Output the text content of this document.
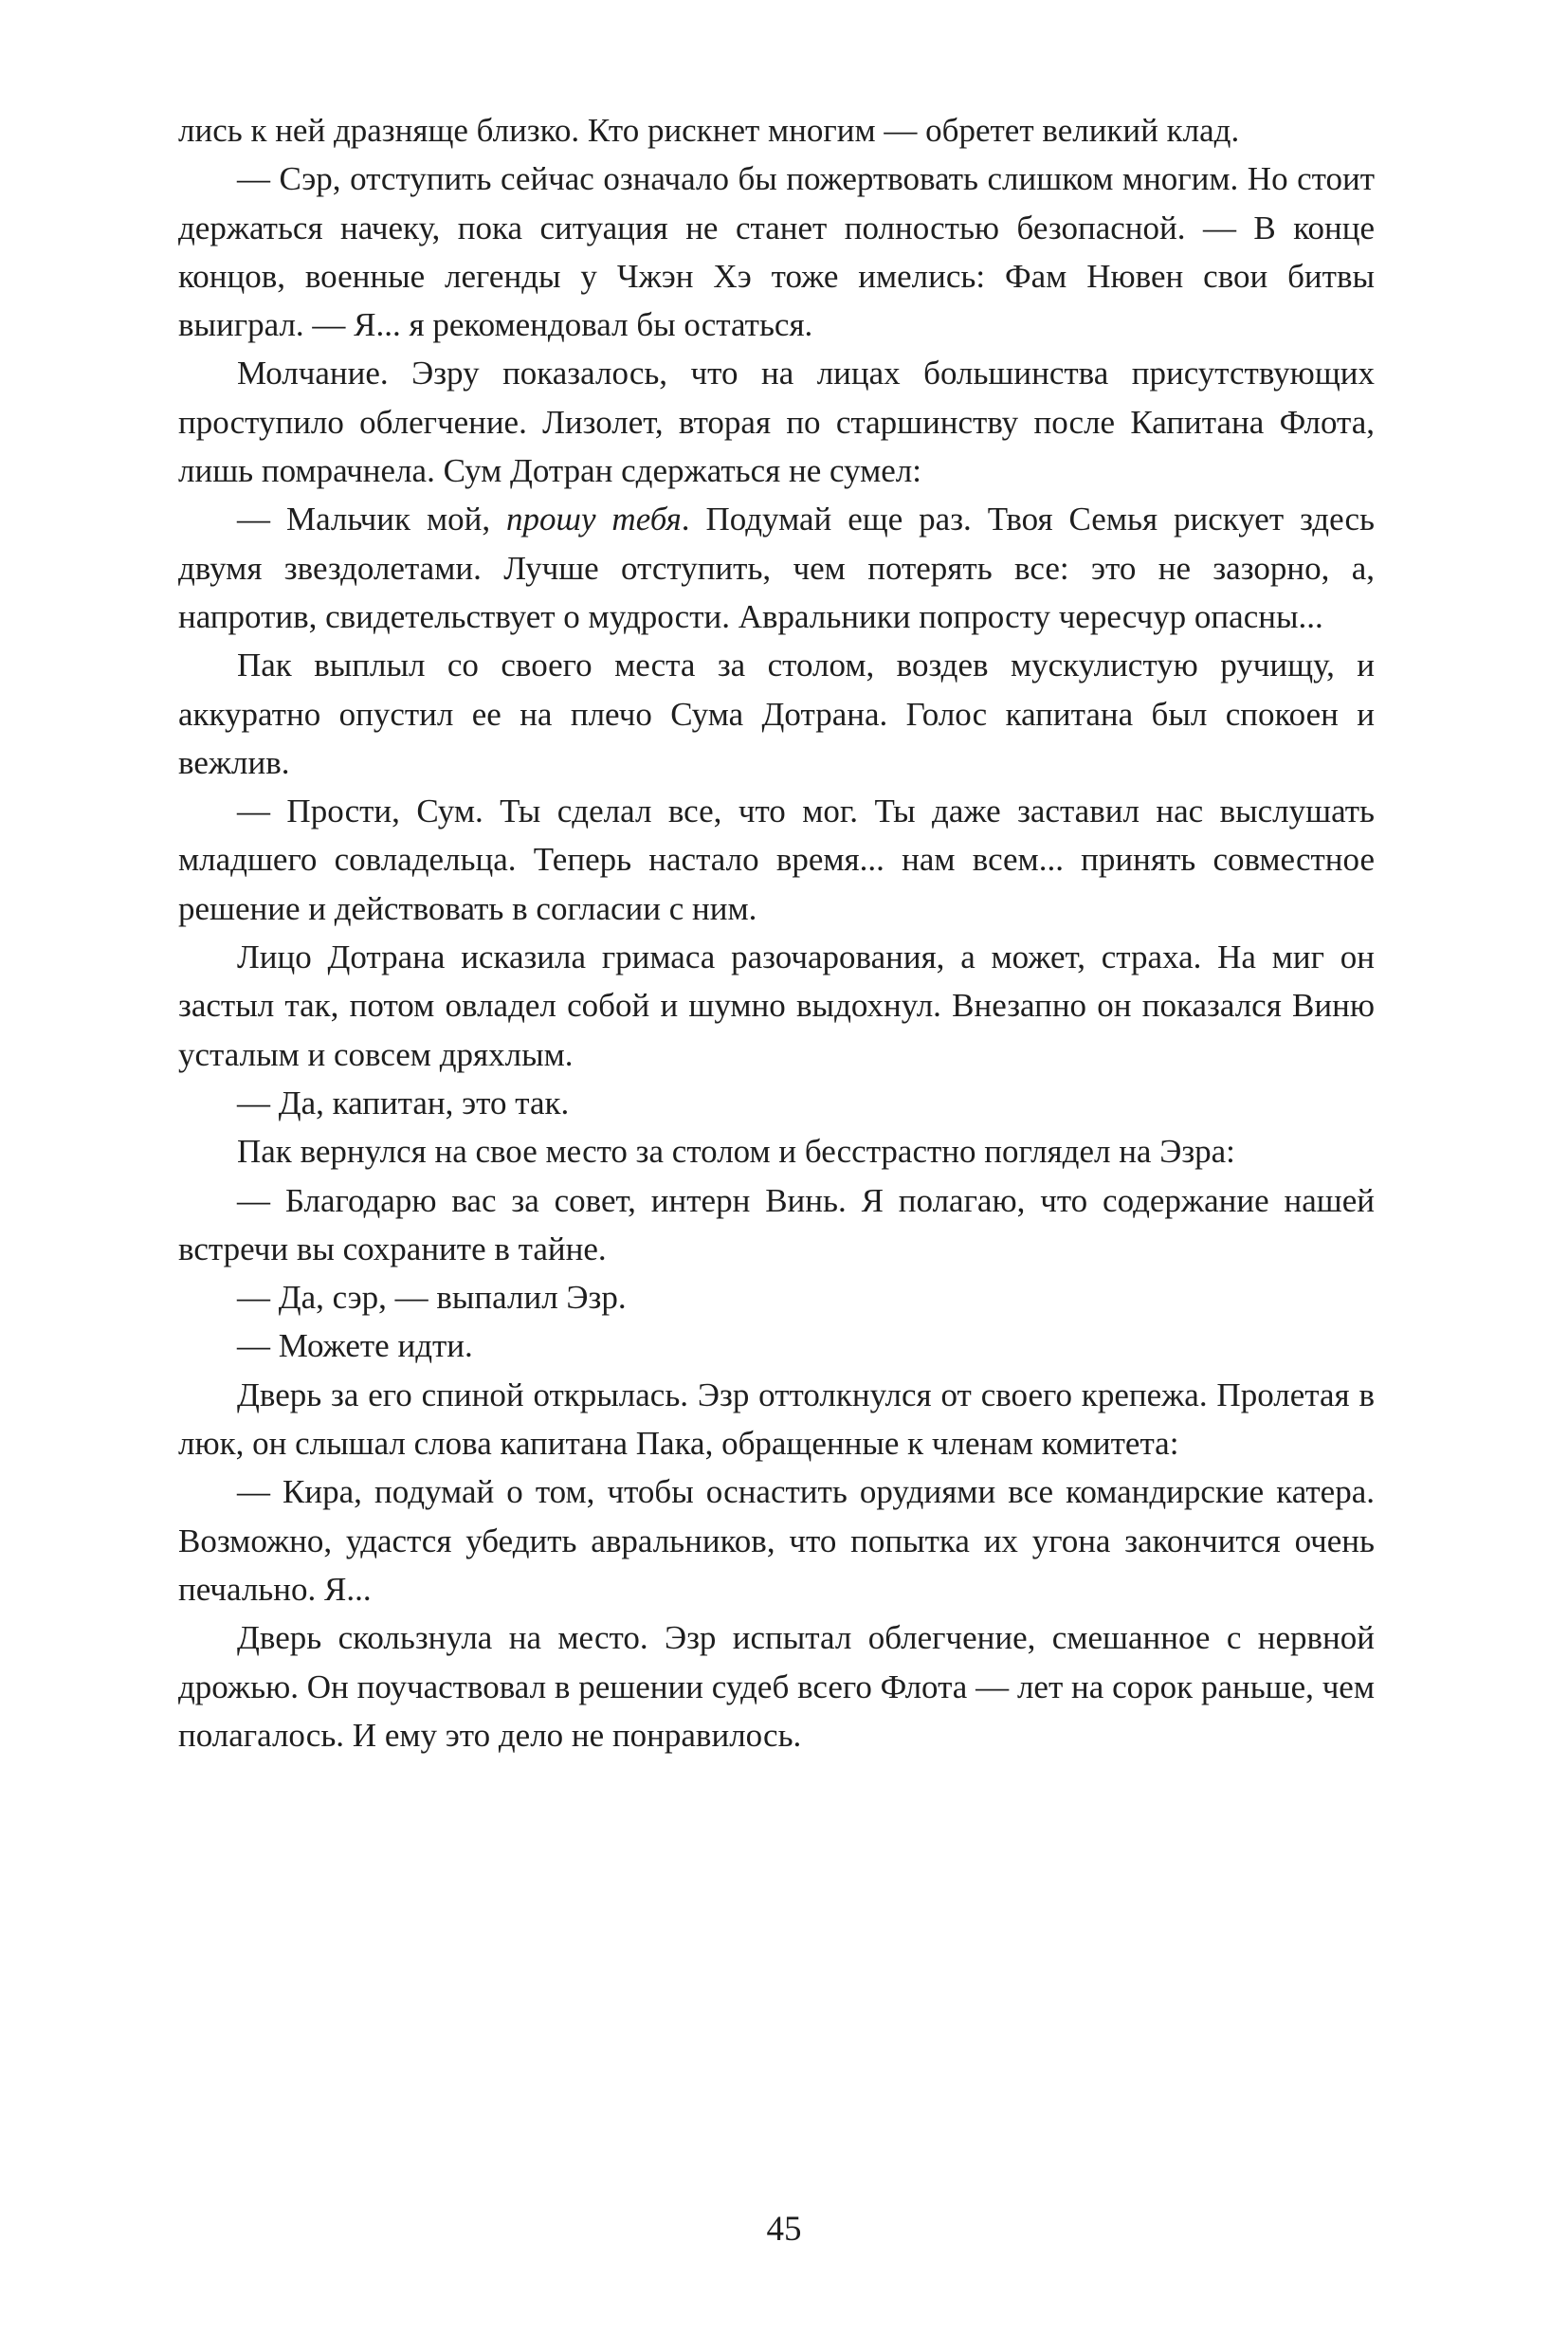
лись к ней дразняще близко. Кто рискнет многим — обретет великий клад.

— Сэр, отступить сейчас означало бы пожертвовать слишком многим. Но стоит держаться начеку, пока ситуация не станет полностью безопасной. — В конце концов, военные легенды у Чжэн Хэ тоже имелись: Фам Нювен свои битвы выиграл. — Я... я рекомендовал бы остаться.

Молчание. Эзру показалось, что на лицах большинства присутствующих проступило облегчение. Лизолет, вторая по старшинству после Капитана Флота, лишь помрачнела. Сум Дотран сдержаться не сумел:

— Мальчик мой, прошу тебя. Подумай еще раз. Твоя Семья рискует здесь двумя звездолетами. Лучше отступить, чем потерять все: это не зазорно, а, напротив, свидетельствует о мудрости. Авральники попросту чересчур опасны...

Пак выплыл со своего места за столом, воздев мускулистую ручищу, и аккуратно опустил ее на плечо Сума Дотрана. Голос капитана был спокоен и вежлив.

— Прости, Сум. Ты сделал все, что мог. Ты даже заставил нас выслушать младшего совладельца. Теперь настало время... нам всем... принять совместное решение и действовать в согласии с ним.

Лицо Дотрана исказила гримаса разочарования, а может, страха. На миг он застыл так, потом овладел собой и шумно выдохнул. Внезапно он показался Виню усталым и совсем дряхлым.

— Да, капитан, это так.

Пак вернулся на свое место за столом и бесстрастно поглядел на Эзра:

— Благодарю вас за совет, интерн Винь. Я полагаю, что содержание нашей встречи вы сохраните в тайне.

— Да, сэр, — выпалил Эзр.

— Можете идти.

Дверь за его спиной открылась. Эзр оттолкнулся от своего крепежа. Пролетая в люк, он слышал слова капитана Пака, обращенные к членам комитета:

— Кира, подумай о том, чтобы оснастить орудиями все командирские катера. Возможно, удастся убедить авральников, что попытка их угона закончится очень печально. Я...

Дверь скользнула на место. Эзр испытал облегчение, смешанное с нервной дрожью. Он поучаствовал в решении судеб всего Флота — лет на сорок раньше, чем полагалось. И ему это дело не понравилось.

45
